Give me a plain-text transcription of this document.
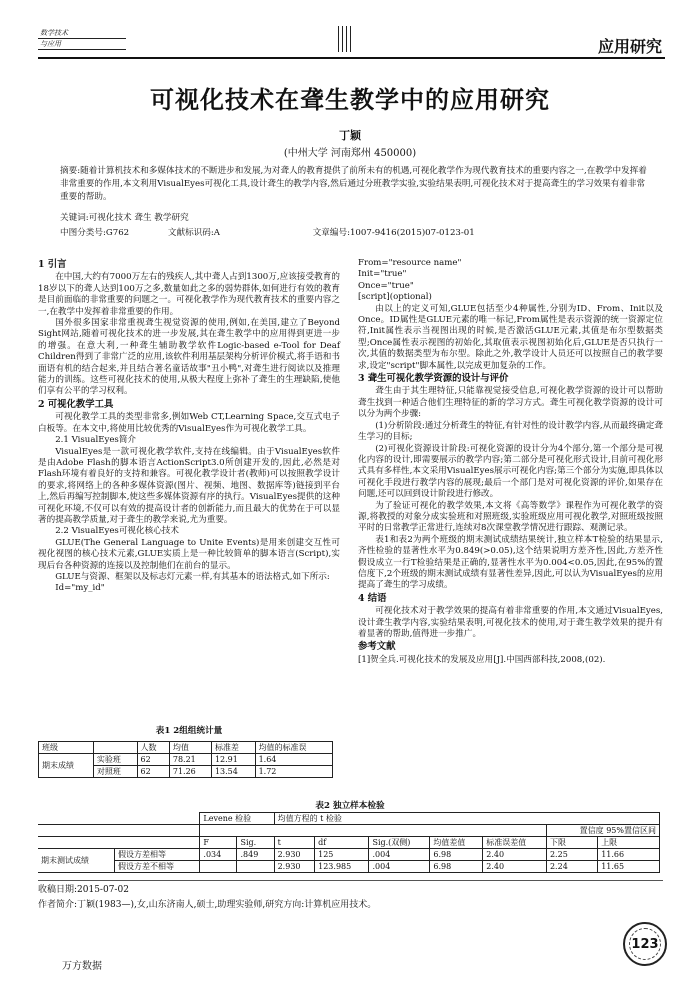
数学技术
与应用	应用研究
可视化技术在聋生教学中的应用研究
丁颖
(中州大学 河南郑州 450000)
摘要:随着计算机技术和多媒体技术的不断进步和发展,为对聋人的教育提供了前所未有的机遇,可视化教学作为现代教育技术的重要内容之一,在教学中发挥着非常重要的作用,本文利用VisualEyes可视化工具,设计聋生的教学内容,然后通过分班教学实验,实验结果表明,可视化技术对于提高聋生的学习效果有着非常重要的帮助。
关键词:可视化技术 聋生 教学研究
中图分类号:G762	文献标识码:A	文章编号:1007-9416(2015)07-0123-01

1 引言

在中国,大约有7000万左右的残疾人,其中聋人占到1300万,应该接受教育的18岁以下的聋人达到100万之多,数量如此之多的弱势群体,如何进行有效的教育是目前面临的非常重要的问题之一。可视化教学作为现代教育技术的重要内容之一,在教学中发挥着非常重要的作用。

国外很多国家非常重视聋生视觉资源的使用,例如,在美国,建立了Beyond Sight网站,随着可视化技术的进一步发展,其在聋生教学中的应用得到更进一步的增强。在意大利,一种聋生辅助教学软件Logic-based e-Tool for Deaf Children得到了非常广泛的应用,该软件利用基层架构分析评价模式,将手语和书面语有机的结合起来,并且结合著名童话故事"丑小鸭",对聋生进行阅读以及推理能力的训练。这些可视化技术的使用,从极大程度上弥补了聋生的生理缺陷,使他们享有公平的学习权利。

2 可视化教学工具

可视化教学工具的类型非常多,例如Web CT,Learning Space,交互式电子白板等。在本文中,将使用比较优秀的VisualEyes作为可视化教学工具。

2.1 VisualEyes简介

VisualEyes是一款可视化教学软件,支持在线编辑。由于VisualEyes软件是由Adobe Flash的脚本语言ActionScript3.0所创建开发的,因此,必然是对Flash环境有着良好的支持和兼容。可视化教学设计者(教师)可以按照教学设计的要求,将网络上的各种多媒体资源(图片、视频、地图、数据库等)链接到平台上,然后再编写控制脚本,使这些多媒体资源有序的执行。VisualEyes提供的这种可视化环境,不仅可以有效的提高设计者的创新能力,而且最大的优势在于可以显著的提高教学质量,对于聋生的教学来说,尤为重要。

2.2 VisualEyes可视化核心技术

GLUE(The General Language to Unite Events)是用来创建交互性可视化视图的核心技术元素,GLUE实质上是一种比较简单的脚本语言(Script),实现后台各种资源的连接以及控制他们在前台的显示。

GLUE与资源、框架以及标志灯元素一样,有其基本的语法格式,如下所示:

Id="my_id"

From="resource name"

Init="true"

Once="true"

[script](optional)

由以上的定义可知,GLUE包括至少4种属性,分别为ID、From、Init以及Once。ID属性是GLUE元素的唯一标记,From属性是表示资源的统一资源定位符,Init属性表示当视图出现的时候,是否激活GLUE元素,其值是布尔型数据类型;Once属性表示视图的初始化,其取值表示视图初始化后,GLUE是否只执行一次,其值的数据类型为布尔型。除此之外,教学设计人员还可以按照自己的教学要求,设定"script"脚本属性,以完成更加复杂的工作。

3 聋生可视化教学资源的设计与评价

聋生由于其生理特征,只能靠视觉接受信息,可视化教学资源的设计可以帮助聋生找到一种适合他们生理特征的新的学习方式。聋生可视化教学资源的设计可以分为两个步骤:

(1)分析阶段:通过分析聋生的特征,有针对性的设计教学内容,从而最终确定聋生学习的目标;

(2)可视化资源设计阶段:可视化资源的设计分为4个部分,第一个部分是可视化内容的设计,即需要展示的教学内容;第二部分是可视化形式设计,目前可视化形式具有多样性,本文采用VisualEyes展示可视化内容;第三个部分为实施,即具体以可视化手段进行教学内容的展现;最后一个部门是对可视化资源的评价,如果存在问题,还可以回到设计阶段进行修改。

为了验证可视化的教学效果,本文将《高等数学》课程作为可视化教学的资源,将教授的对象分成实验班和对照班级,实验班级应用可视化教学,对照班级按照平时的日常教学正常进行,连续对8次课堂教学情况进行跟踪、观测记录。

表1和表2为两个班级的期末测试成绩结果统计,独立样本T检验的结果显示,齐性检验的显著性水平为0.849(>0.05),这个结果说明方差齐性,因此,方差齐性假设成立一行T检验结果是正确的,显著性水平为0.004<0.05,因此,在95%的置信度下,2个班级的期末测试成绩有显著性差异,因此,可以认为VisualEyes的应用提高了聋生的学习成绩。

4 结语

可视化技术对于教学效果的提高有着非常重要的作用,本文通过VisualEyes,设计聋生教学内容,实验结果表明,可视化技术的使用,对于聋生教学效果的提升有着显著的帮助,值得进一步推广。

参考文献

[1]贺全兵.可视化技术的发展及应用[J].中国西部科技,2008,(02).

表1 2组组统计量
班级		人数	均值	标准差	均值的标准误
期末成绩	实验班	62	78.21	12.91	1.64
	对照班	62	71.26	13.54	1.72
表2 独立样本检验
		Levene 检验		均值方程的 t 检验						
									置信度 95%置信区间	
		F	Sig.	t	df	Sig.(双侧)	均值差值	标准误差值	下限	上限
期末测试成绩	假设方差相等	.034	.849	2.930	125	.004	6.98	2.40	2.25	11.66
	假设方差不相等			2.930	123.985	.004	6.98	2.40	2.24	11.65
收稿日期:2015-07-02
作者简介:丁颖(1983—),女,山东济南人,硕士,助理实验师,研究方向:计算机应用技术。
123
万方数据
